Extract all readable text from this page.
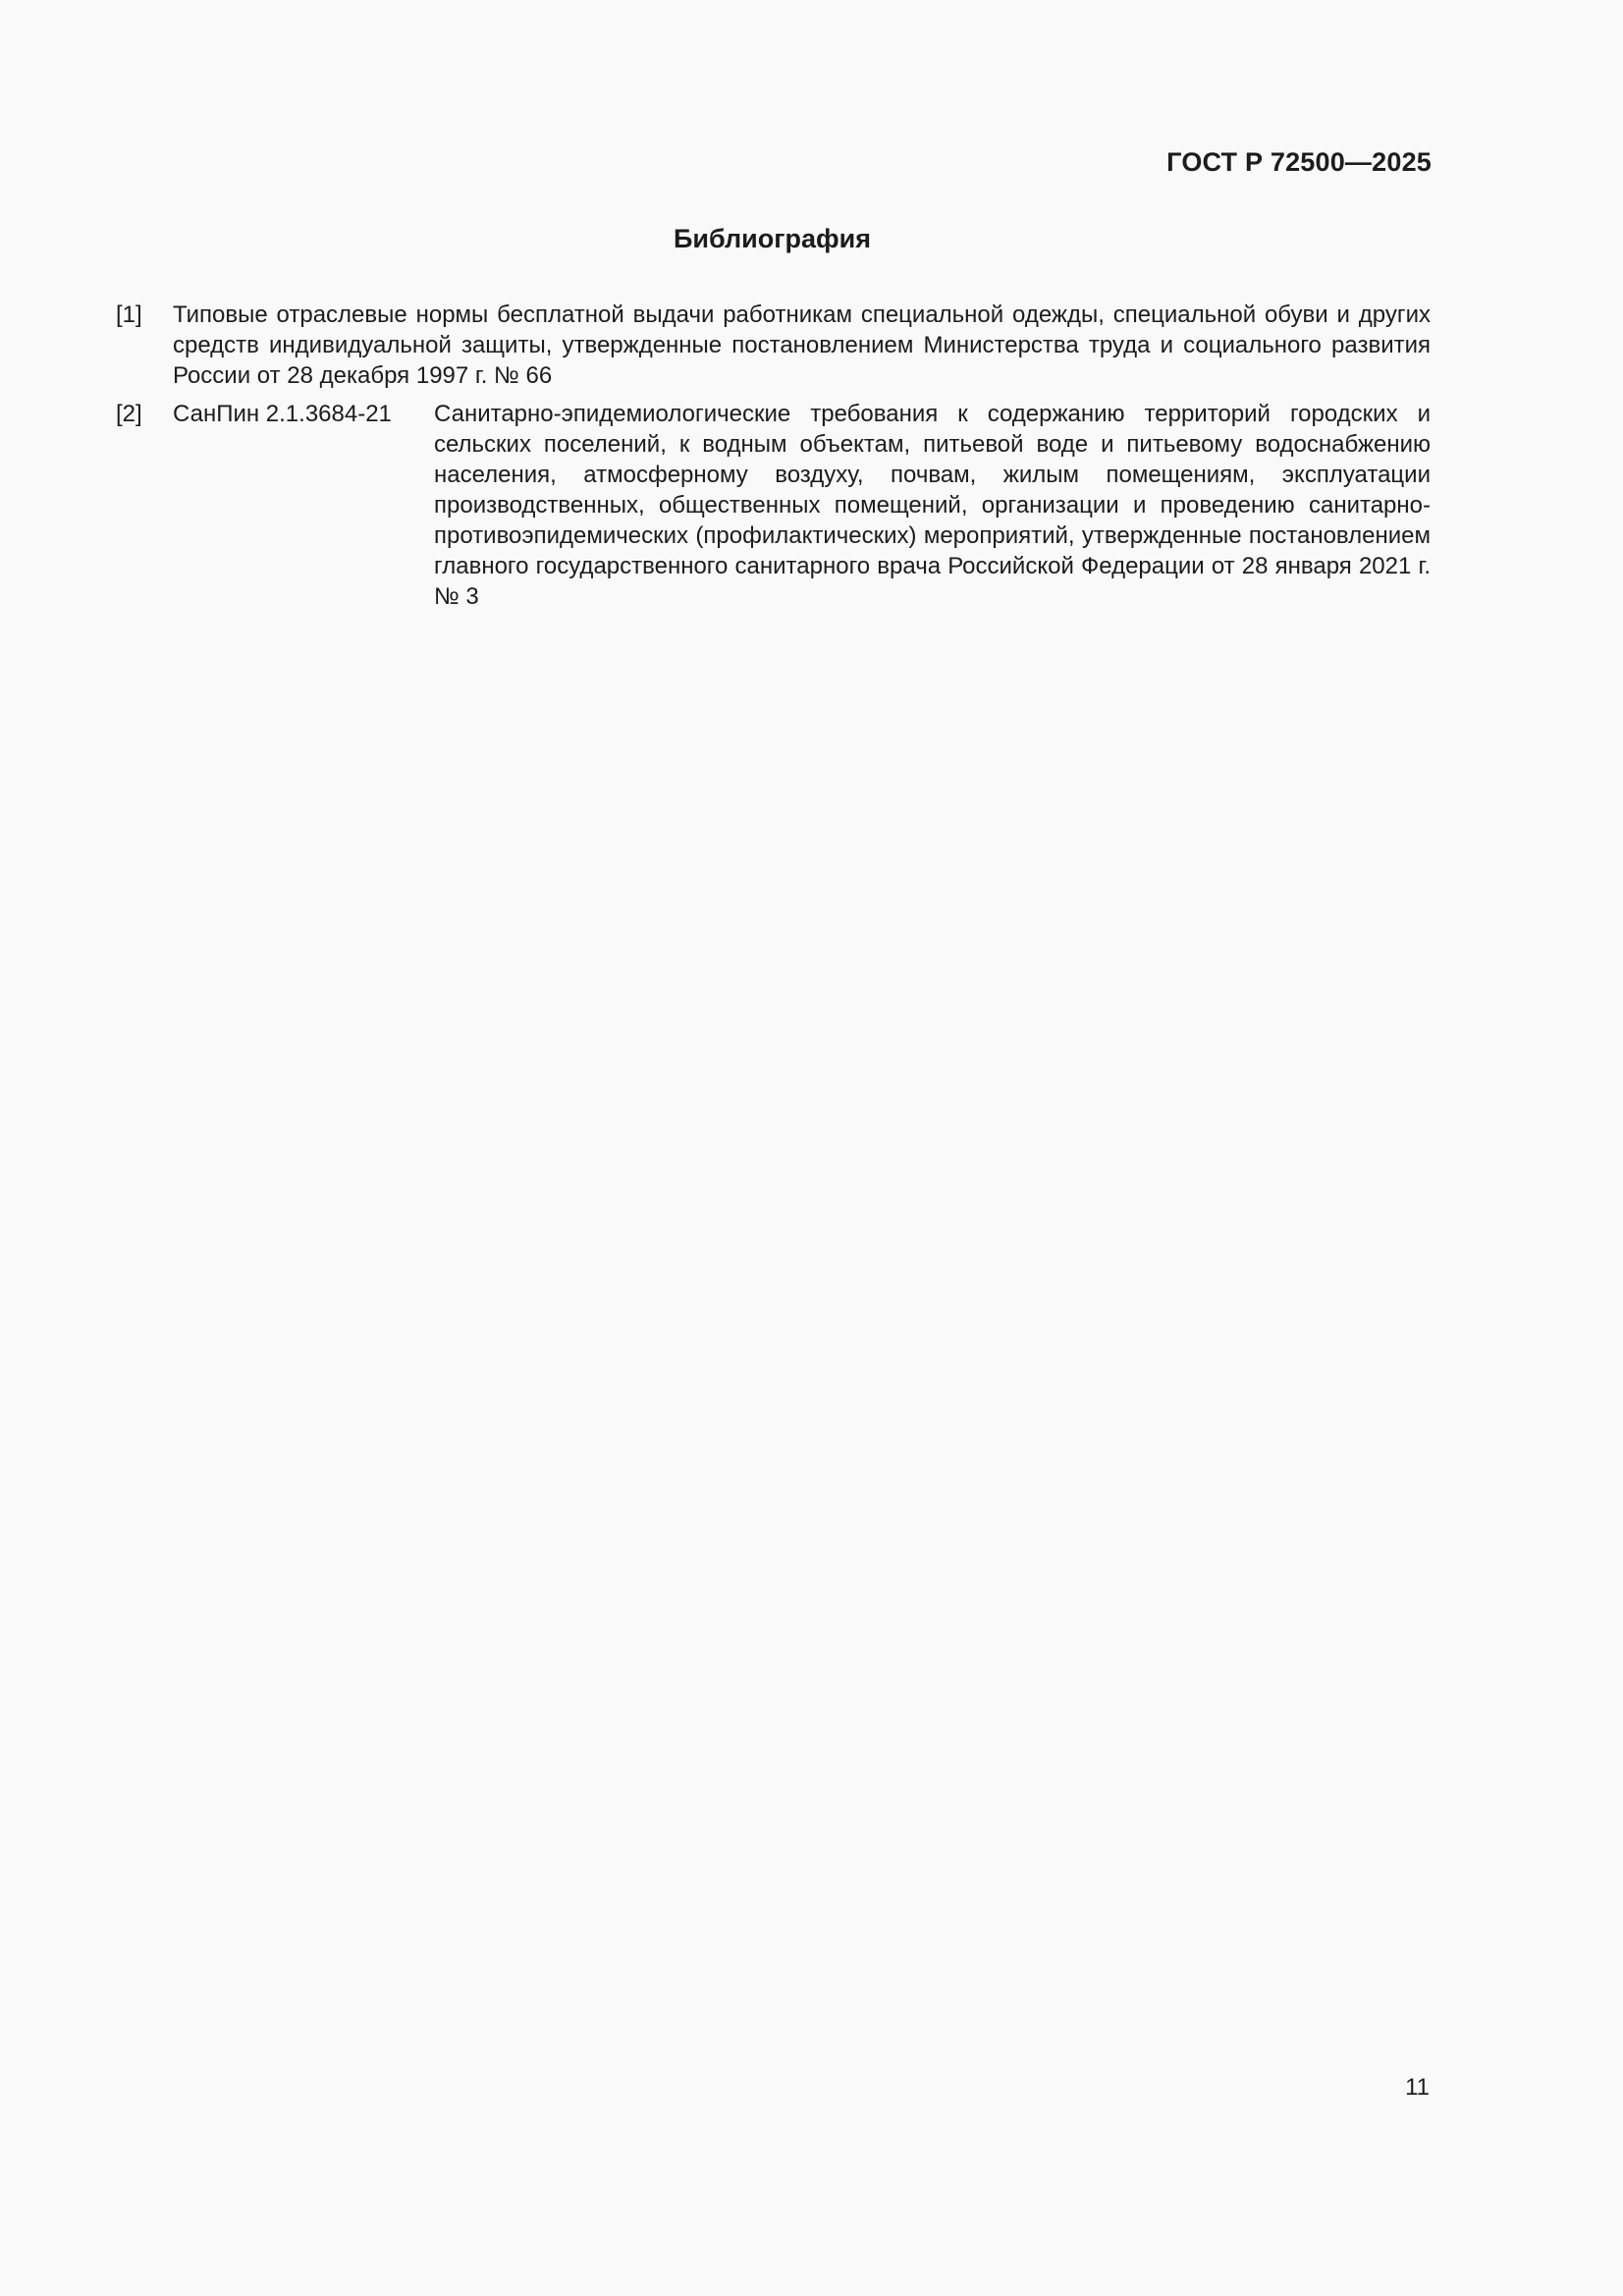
ГОСТ Р 72500—2025
Библиография
[1]	Типовые отраслевые нормы бесплатной выдачи работникам специальной одежды, специальной обуви и других средств индивидуальной защиты, утвержденные постановлением Министерства труда и социального развития России от 28 декабря 1997 г. № 66
[2]	СанПин 2.1.3684-21	Санитарно-эпидемиологические требования к содержанию территорий городских и сельских поселений, к водным объектам, питьевой воде и питьевому водоснабжению населения, атмосферному воздуху, почвам, жилым помещениям, эксплуатации производственных, общественных помещений, организации и проведению санитарно-противоэпидемических (профилактических) мероприятий, утвержденные постановлением главного государственного санитарного врача Российской Федерации от 28 января 2021 г. № 3
11
